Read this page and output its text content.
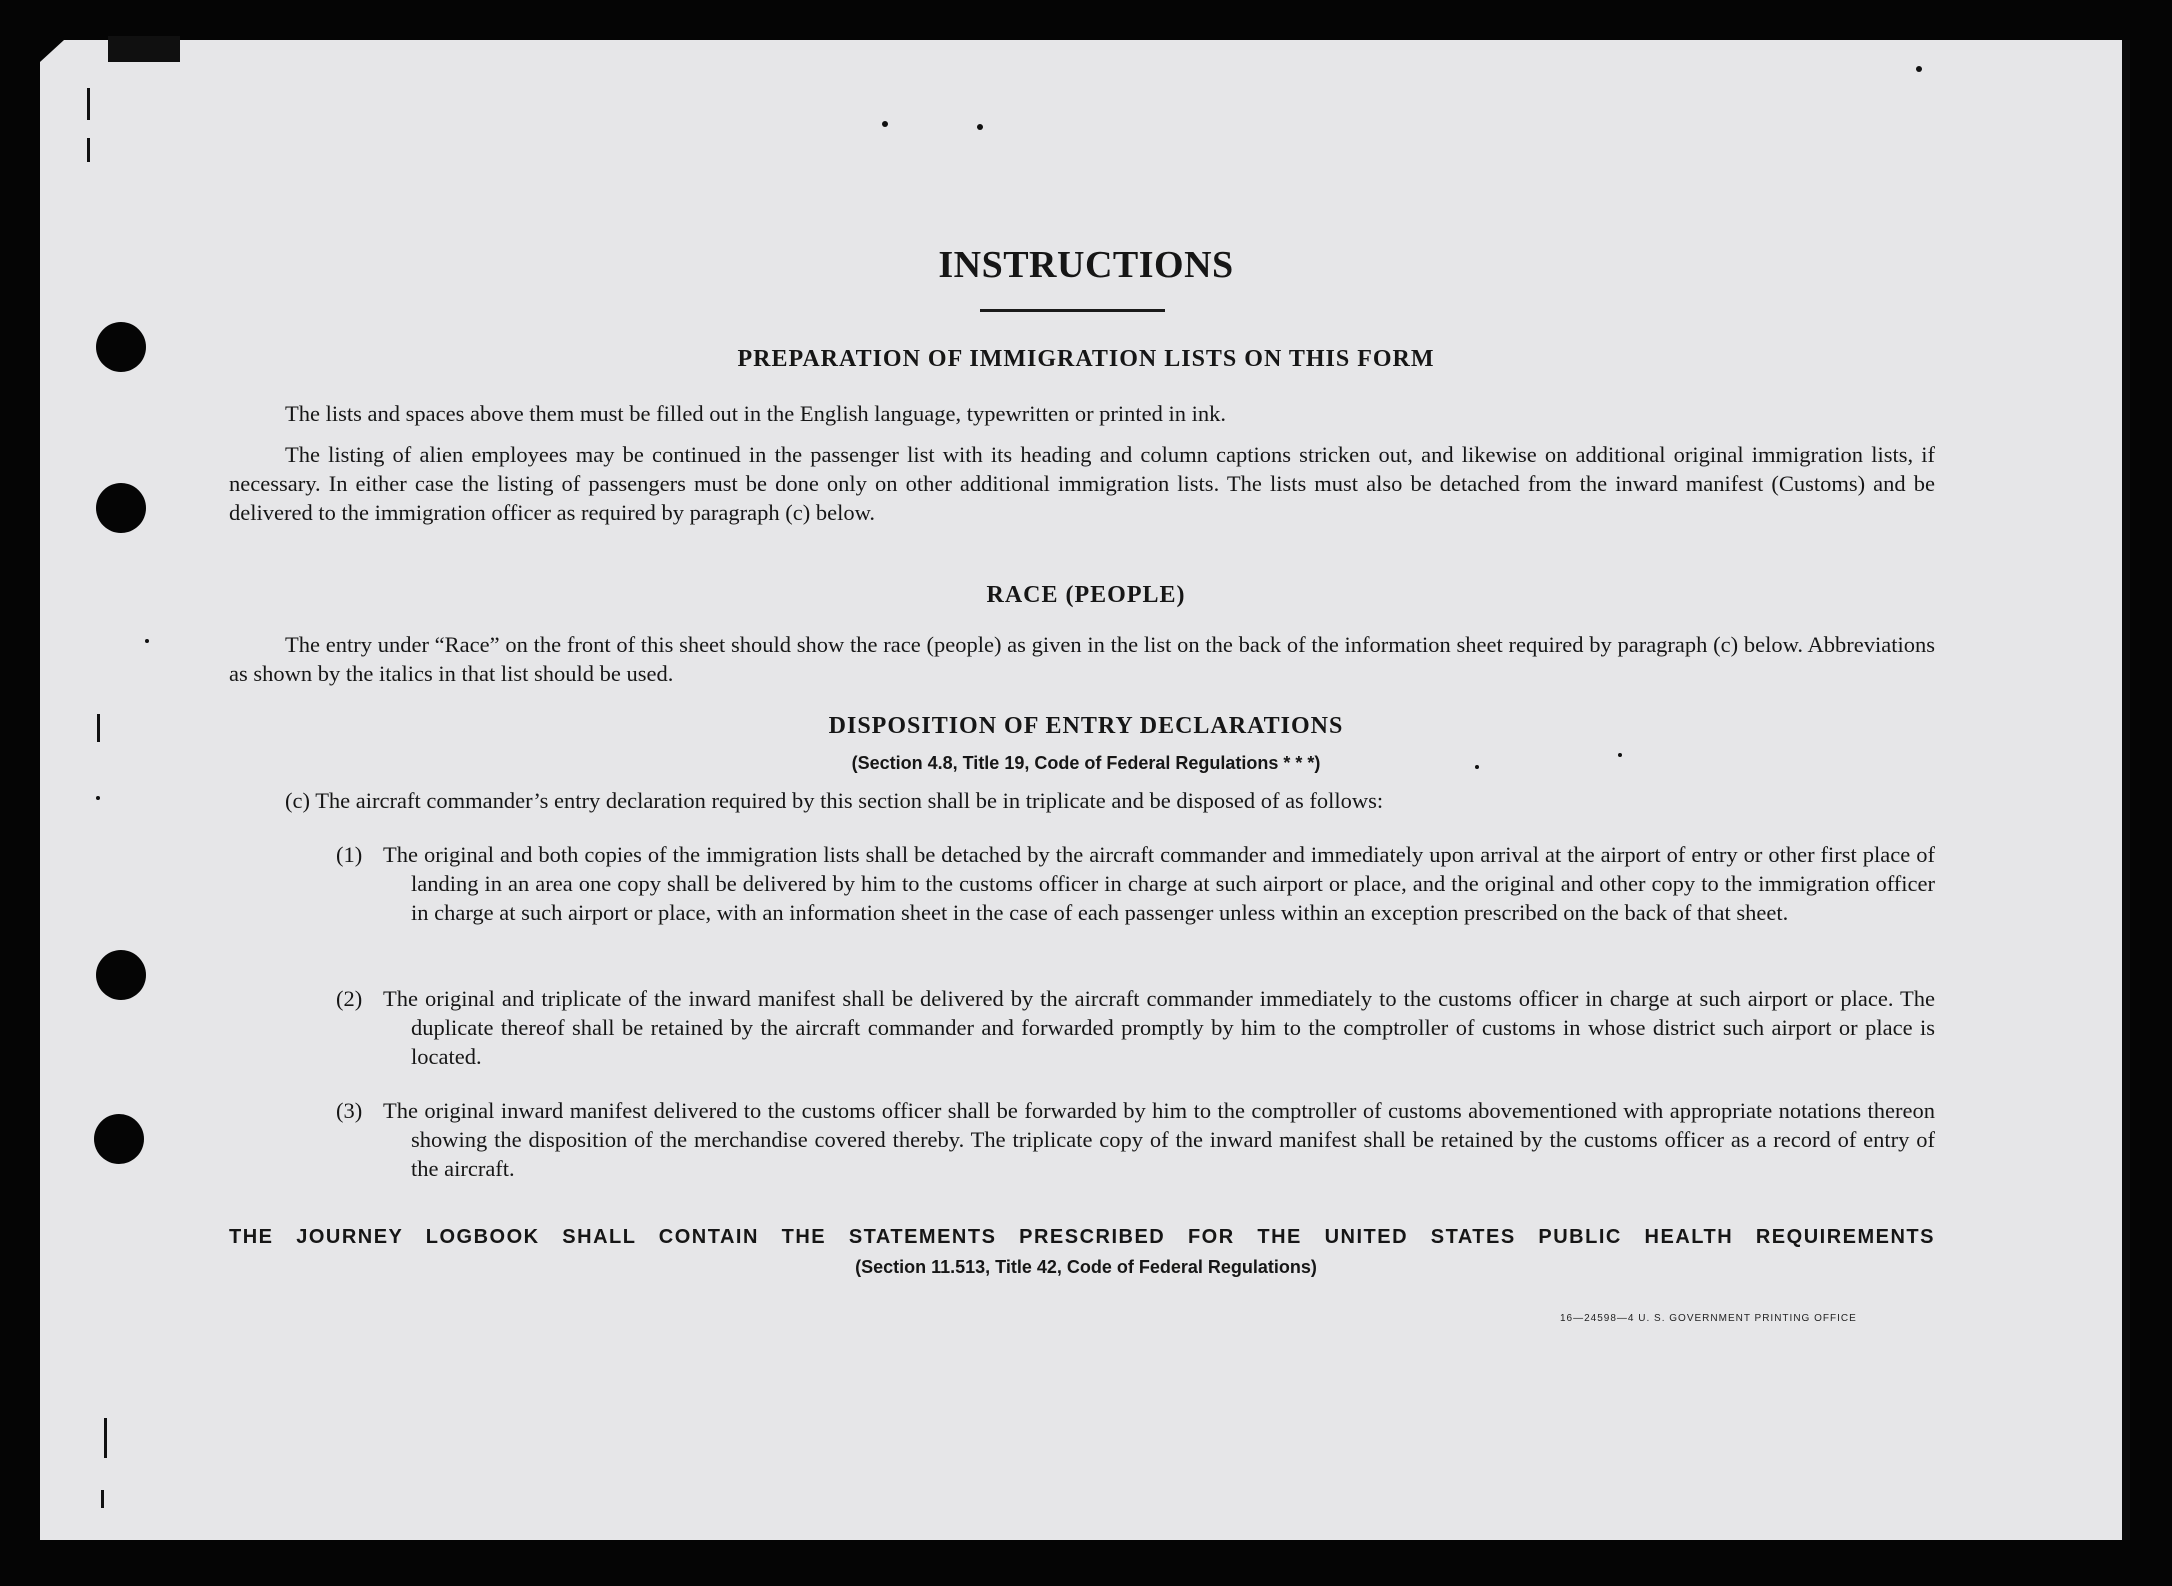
INSTRUCTIONS
PREPARATION OF IMMIGRATION LISTS ON THIS FORM

The lists and spaces above them must be filled out in the English language, typewritten or printed in ink.

The listing of alien employees may be continued in the passenger list with its heading and column captions stricken out, and likewise on additional original immigration lists, if necessary. In either case the listing of passengers must be done only on other additional immigration lists. The lists must also be detached from the inward manifest (Customs) and be delivered to the immigration officer as required by paragraph (c) below.

RACE (PEOPLE)

The entry under “Race” on the front of this sheet should show the race (people) as given in the list on the back of the information sheet required by paragraph (c) below. Abbreviations as shown by the italics in that list should be used.

DISPOSITION OF ENTRY DECLARATIONS

(Section 4.8, Title 19, Code of Federal Regulations * * *)

(c) The aircraft commander’s entry declaration required by this section shall be in triplicate and be disposed of as follows:

(1) The original and both copies of the immigration lists shall be detached by the aircraft commander and immediately upon arrival at the airport of entry or other first place of landing in an area one copy shall be delivered by him to the customs officer in charge at such airport or place, and the original and other copy to the immigration officer in charge at such airport or place, with an information sheet in the case of each passenger unless within an exception prescribed on the back of that sheet.
(2) The original and triplicate of the inward manifest shall be delivered by the aircraft commander immediately to the customs officer in charge at such airport or place. The duplicate thereof shall be retained by the aircraft commander and forwarded promptly by him to the comptroller of customs in whose district such airport or place is located.
(3) The original inward manifest delivered to the customs officer shall be forwarded by him to the comptroller of customs abovementioned with appropriate notations thereon showing the disposition of the merchandise covered thereby. The triplicate copy of the inward manifest shall be retained by the customs officer as a record of entry of the aircraft.

THE JOURNEY LOGBOOK SHALL CONTAIN THE STATEMENTS PRESCRIBED FOR THE UNITED STATES PUBLIC HEALTH REQUIREMENTS

(Section 11.513, Title 42, Code of Federal Regulations)

16—24598—4 U. S. GOVERNMENT PRINTING OFFICE
